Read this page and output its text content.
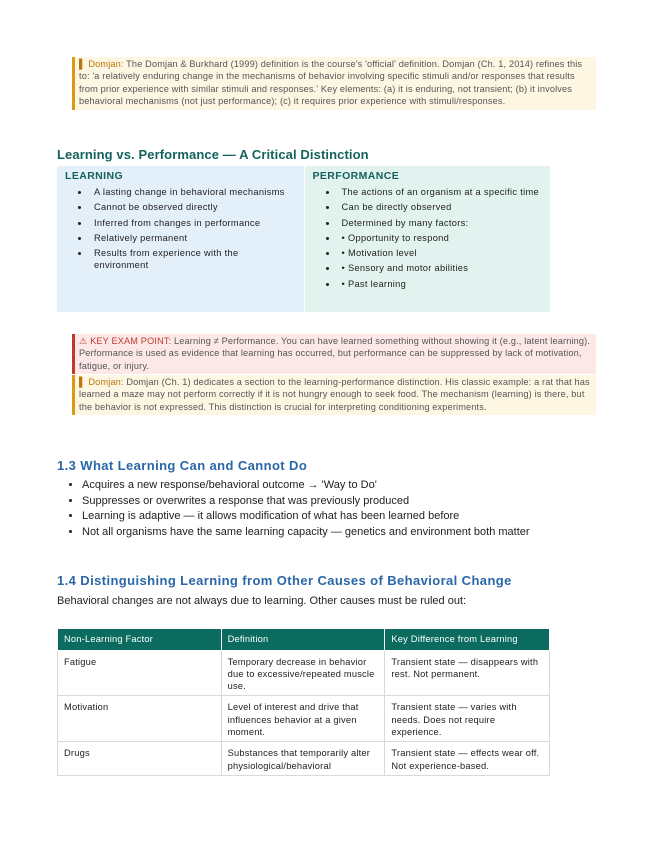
▌ Domjan: The Domjan & Burkhard (1999) definition is the course's 'official' definition. Domjan (Ch. 1, 2014) refines this to: 'a relatively enduring change in the mechanisms of behavior involving specific stimuli and/or responses that results from prior experience with similar stimuli and responses.' Key elements: (a) it is enduring, not transient; (b) it involves behavioral mechanisms (not just performance); (c) it requires prior experience with stimuli/responses.
Learning vs. Performance — A Critical Distinction
LEARNING
• A lasting change in behavioral mechanisms
• Cannot be observed directly
• Inferred from changes in performance
• Relatively permanent
• Results from experience with the environment
PERFORMANCE
• The actions of an organism at a specific time
• Can be directly observed
• Determined by many factors:
• • Opportunity to respond
• • Motivation level
• • Sensory and motor abilities
• • Past learning
⚠ KEY EXAM POINT: Learning ≠ Performance. You can have learned something without showing it (e.g., latent learning). Performance is used as evidence that learning has occurred, but performance can be suppressed by lack of motivation, fatigue, or injury.
▌ Domjan: Domjan (Ch. 1) dedicates a section to the learning-performance distinction. His classic example: a rat that has learned a maze may not perform correctly if it is not hungry enough to seek food. The mechanism (learning) is there, but the behavior is not expressed. This distinction is crucial for interpreting conditioning experiments.
1.3 What Learning Can and Cannot Do
• Acquires a new response/behavioral outcome → 'Way to Do'
• Suppresses or overwrites a response that was previously produced
• Learning is adaptive — it allows modification of what has been learned before
• Not all organisms have the same learning capacity — genetics and environment both matter
1.4 Distinguishing Learning from Other Causes of Behavioral Change

Behavioral changes are not always due to learning. Other causes must be ruled out:

Non-Learning Factor	Definition	Key Difference from Learning
Fatigue	Temporary decrease in behavior due to excessive/repeated muscle use.	Transient state — disappears with rest. Not permanent.
Motivation	Level of interest and drive that influences behavior at a given moment.	Transient state — varies with needs. Does not require experience.
Drugs	Substances that temporarily alter physiological/behavioral	Transient state — effects wear off. Not experience-based.
